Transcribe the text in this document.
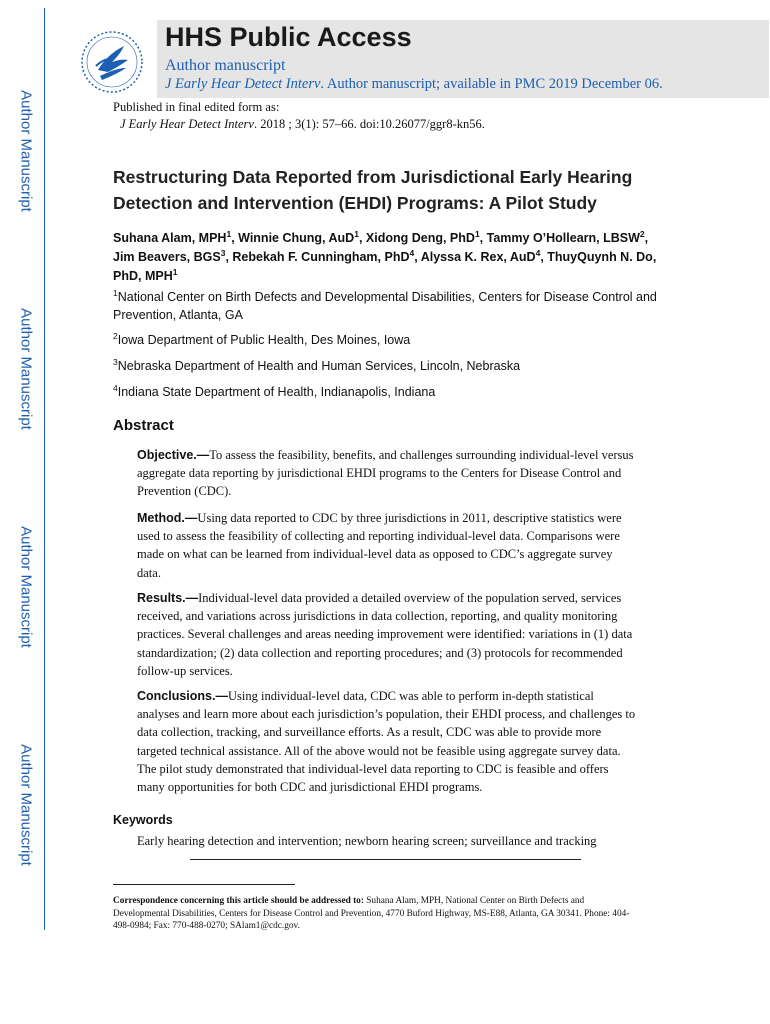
Author Manuscript
Author Manuscript
Author Manuscript
Author Manuscript
HHS Public Access
Author manuscript
J Early Hear Detect Interv. Author manuscript; available in PMC 2019 December 06.
Published in final edited form as:
J Early Hear Detect Interv. 2018 ; 3(1): 57–66. doi:10.26077/ggr8-kn56.
Restructuring Data Reported from Jurisdictional Early Hearing
Detection and Intervention (EHDI) Programs: A Pilot Study
Suhana Alam, MPH$^1$, Winnie Chung, AuD$^1$, Xidong Deng, PhD$^1$, Tammy O’Hollearn, LBSW$^2$, Jim Beavers, BGS$^3$, Rebekah F. Cunningham, PhD$^4$, Alyssa K. Rex, AuD$^4$, ThuyQuynh N. Do, PhD, MPH$^1$
$^1$National Center on Birth Defects and Developmental Disabilities, Centers for Disease Control and Prevention, Atlanta, GA
$^2$Iowa Department of Public Health, Des Moines, Iowa
$^3$Nebraska Department of Health and Human Services, Lincoln, Nebraska
$^4$Indiana State Department of Health, Indianapolis, Indiana
Abstract
Objective.—To assess the feasibility, benefits, and challenges surrounding individual-level versus aggregate data reporting by jurisdictional EHDI programs to the Centers for Disease Control and Prevention (CDC).
Method.—Using data reported to CDC by three jurisdictions in 2011, descriptive statistics were used to assess the feasibility of collecting and reporting individual-level data. Comparisons were made on what can be learned from individual-level data as opposed to CDC’s aggregate survey data.
Results.—Individual-level data provided a detailed overview of the population served, services received, and variations across jurisdictions in data collection, reporting, and quality monitoring practices. Several challenges and areas needing improvement were identified: variations in (1) data standardization; (2) data collection and reporting procedures; and (3) protocols for recommended follow-up services.
Conclusions.—Using individual-level data, CDC was able to perform in-depth statistical analyses and learn more about each jurisdiction’s population, their EHDI process, and challenges to data collection, tracking, and surveillance efforts. As a result, CDC was able to provide more targeted technical assistance. All of the above would not be feasible using aggregate survey data. The pilot study demonstrated that individual-level data reporting to CDC is feasible and offers many opportunities for both CDC and jurisdictional EHDI programs.
Keywords
Early hearing detection and intervention; newborn hearing screen; surveillance and tracking
Correspondence concerning this article should be addressed to: Suhana Alam, MPH, National Center on Birth Defects and Developmental Disabilities, Centers for Disease Control and Prevention, 4770 Buford Highway, MS-E88, Atlanta, GA 30341. Phone: 404-498-0984; Fax: 770-488-0270; SAlam1@cdc.gov.
